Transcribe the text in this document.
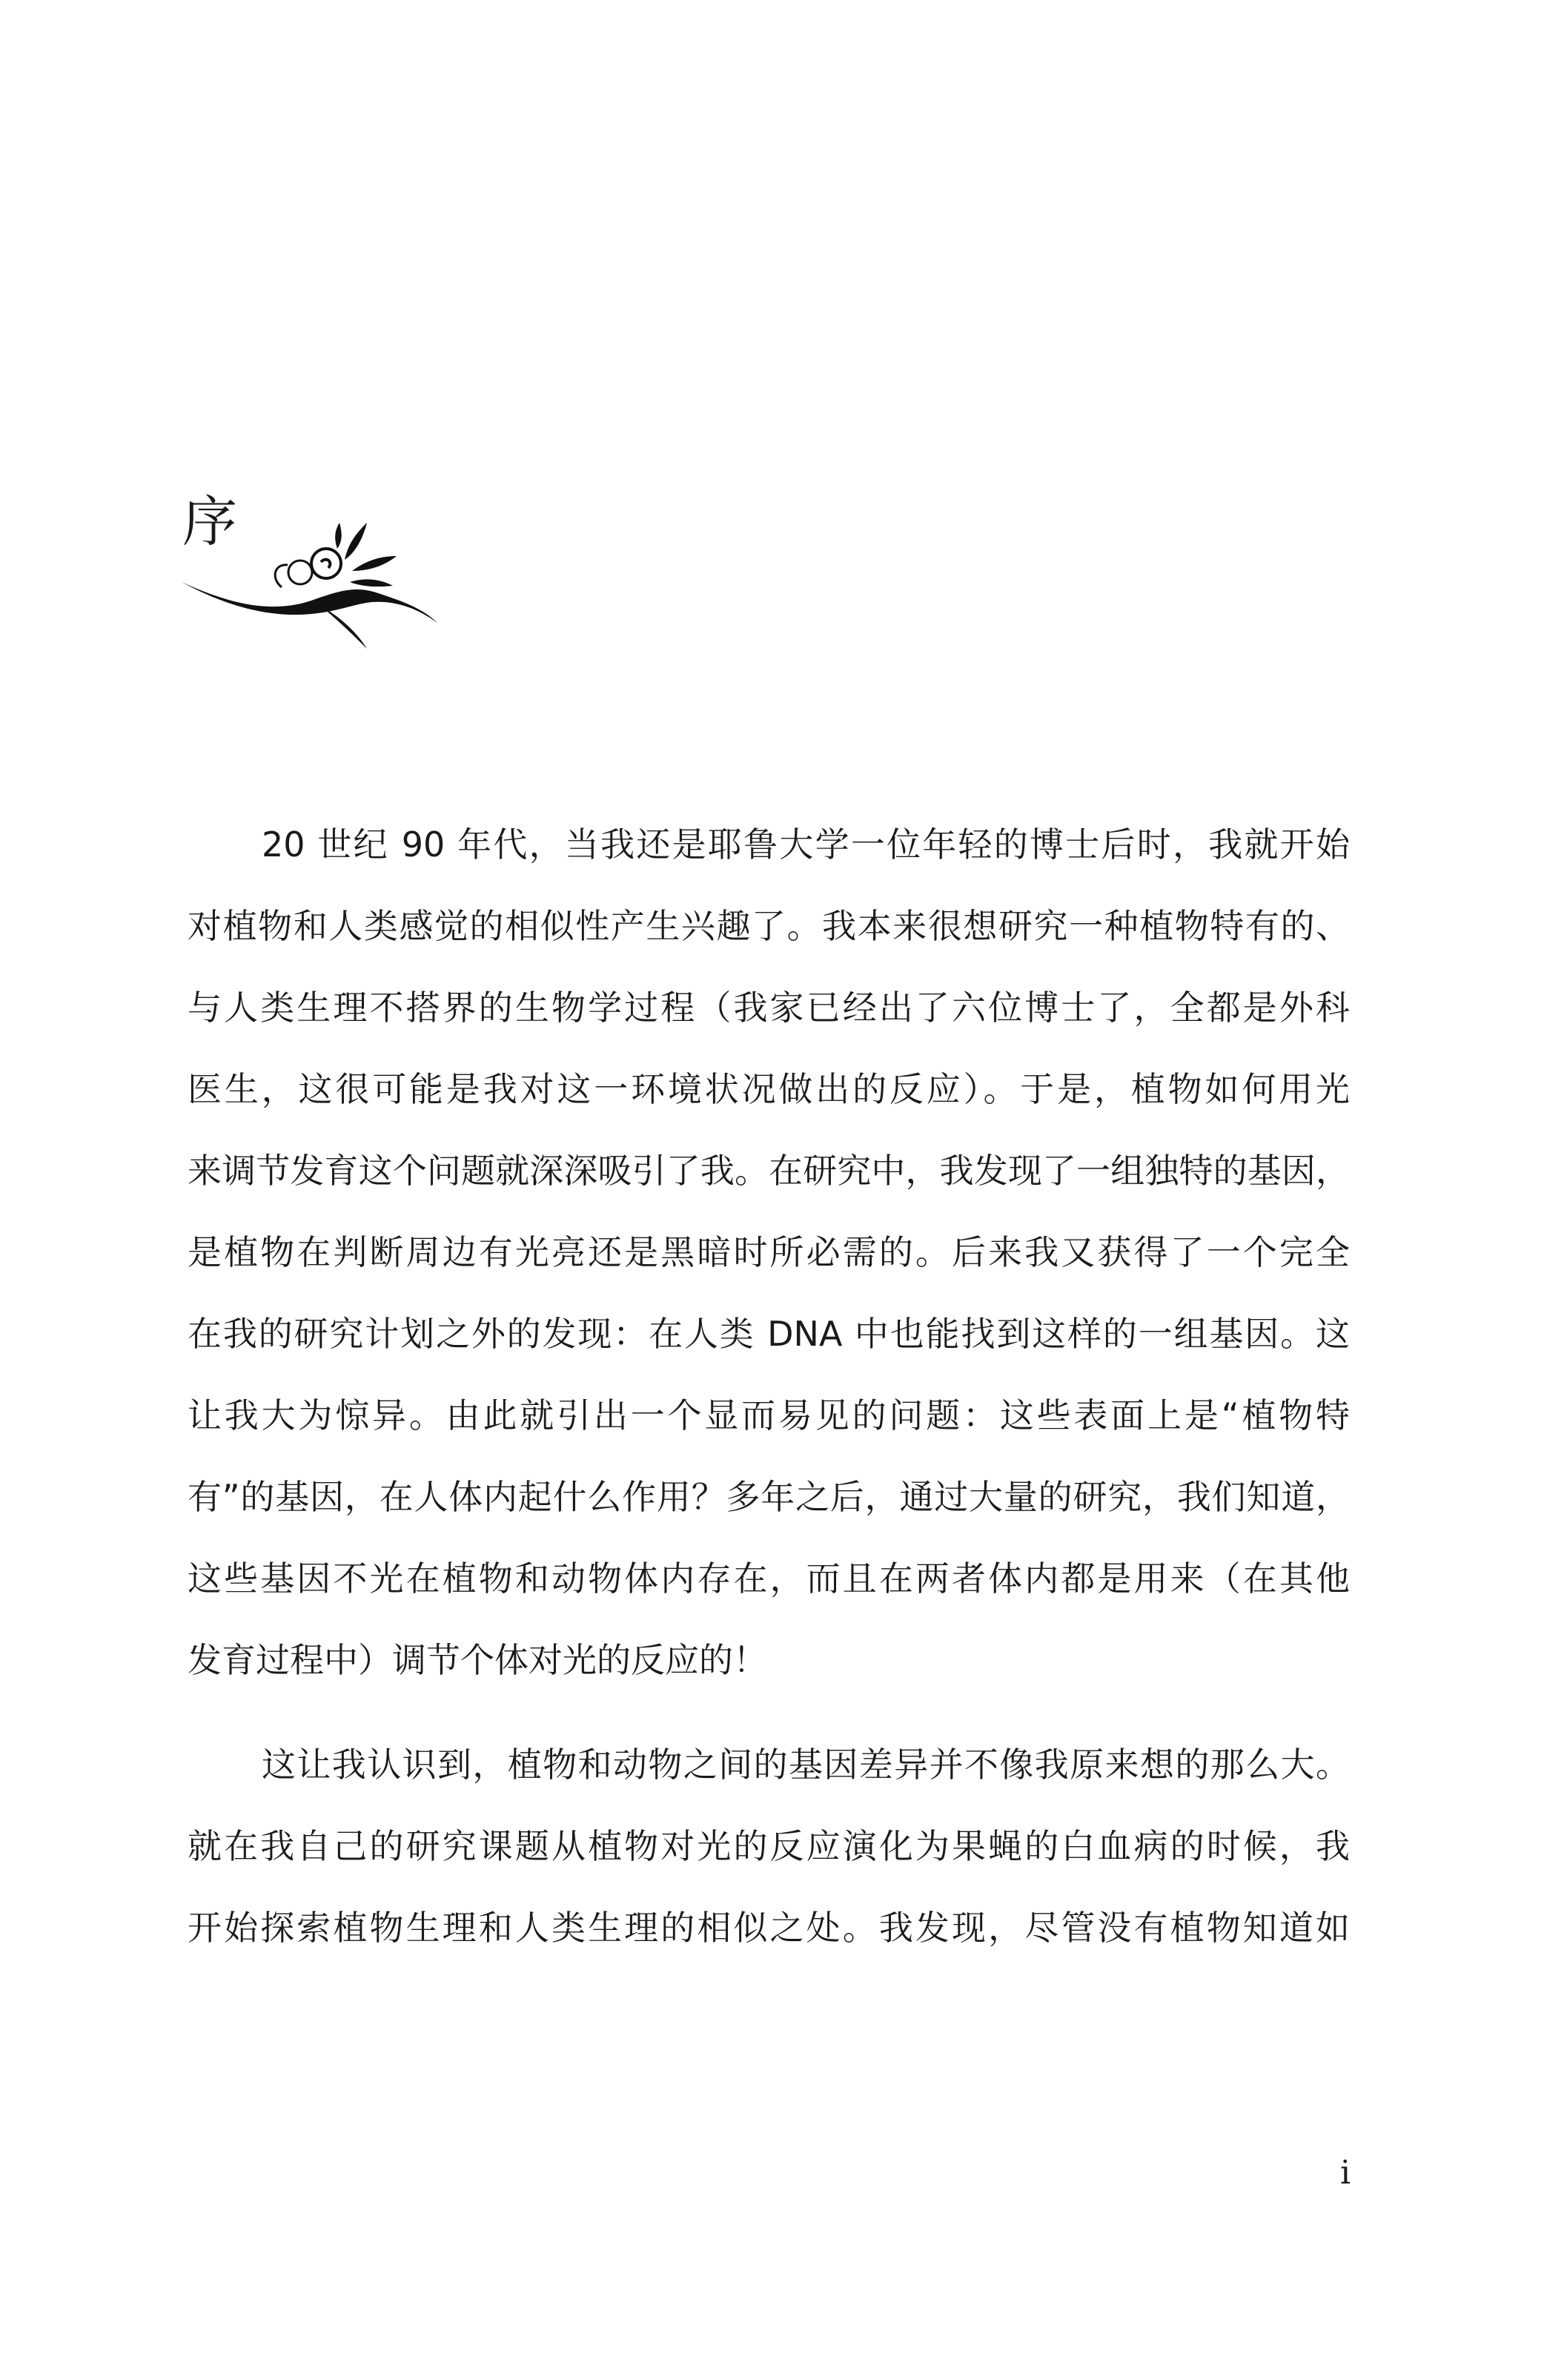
序
20 世纪 90 年代，当我还是耶鲁大学一位年轻的博士后时，我就开始
对植物和人类感觉的相似性产生兴趣了。我本来很想研究一种植物特有的、
与人类生理不搭界的生物学过程（我家已经出了六位博士了，全都是外科
医生，这很可能是我对这一环境状况做出的反应）。于是，植物如何用光
来调节发育这个问题就深深吸引了我。在研究中，我发现了一组独特的基因，
是植物在判断周边有光亮还是黑暗时所必需的。后来我又获得了一个完全
在我的研究计划之外的发现：在人类 DNA 中也能找到这样的一组基因。这
让我大为惊异。由此就引出一个显而易见的问题：这些表面上是“植物特
有”的基因，在人体内起什么作用？多年之后，通过大量的研究，我们知道，
这些基因不光在植物和动物体内存在，而且在两者体内都是用来（在其他
发育过程中）调节个体对光的反应的！
这让我认识到，植物和动物之间的基因差异并不像我原来想的那么大。
就在我自己的研究课题从植物对光的反应演化为果蝇的白血病的时候，我
开始探索植物生理和人类生理的相似之处。我发现，尽管没有植物知道如
i
